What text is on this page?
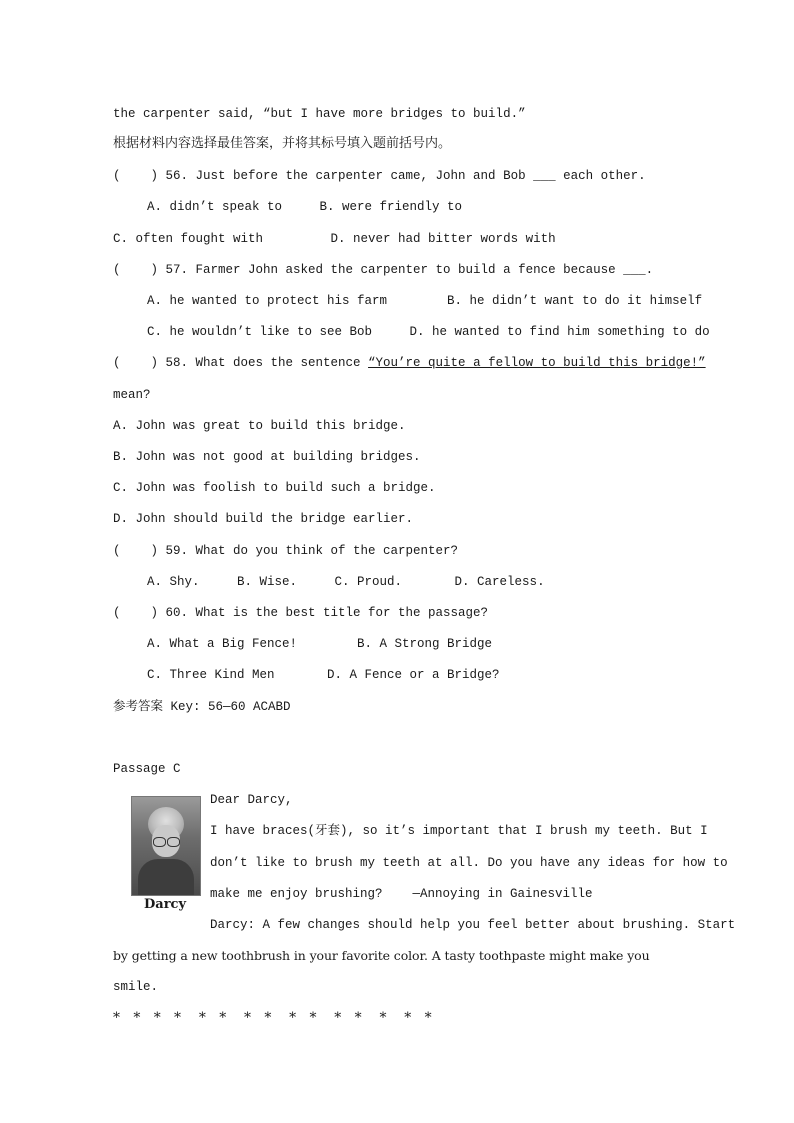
the carpenter said, “but I have more bridges to build.”
根据材料内容选择最佳答案，并将其标号填入题前括号内。
(    ) 56. Just before the carpenter came, John and Bob ___ each other.
A. didn’t speak to     B. were friendly to
C. often fought with         D. never had bitter words with
(    ) 57. Farmer John asked the carpenter to build a fence because ___.
A. he wanted to protect his farm        B. he didn’t want to do it himself
C. he wouldn’t like to see Bob     D. he wanted to find him something to do
(    ) 58. What does the sentence “You’re quite a fellow to build this bridge!”
mean?
A. John was great to build this bridge.
B. John was not good at building bridges.
C. John was foolish to build such a bridge.
D. John should build the bridge earlier.
(    ) 59. What do you think of the carpenter?
A. Shy.     B. Wise.     C. Proud.       D. Careless.
(    ) 60. What is the best title for the passage?
A. What a Big Fence!        B. A Strong Bridge
C. Three Kind Men       D. A Fence or a Bridge?
参考答案 Key: 56—60 ACABD
Passage C
Darcy
Dear Darcy,
I have braces(牙套), so it’s important that I brush my teeth. But I
don’t like to brush my teeth at all. Do you have any ideas for how to
make me enjoy brushing?    —Annoying in Gainesville
Darcy: A few changes should help you feel better about brushing. Start
by getting a new toothbrush in your favorite color. A tasty toothpaste might make you
smile.
*   *   *   *    *   *    *   *    *   *    *   *    *    *   *
